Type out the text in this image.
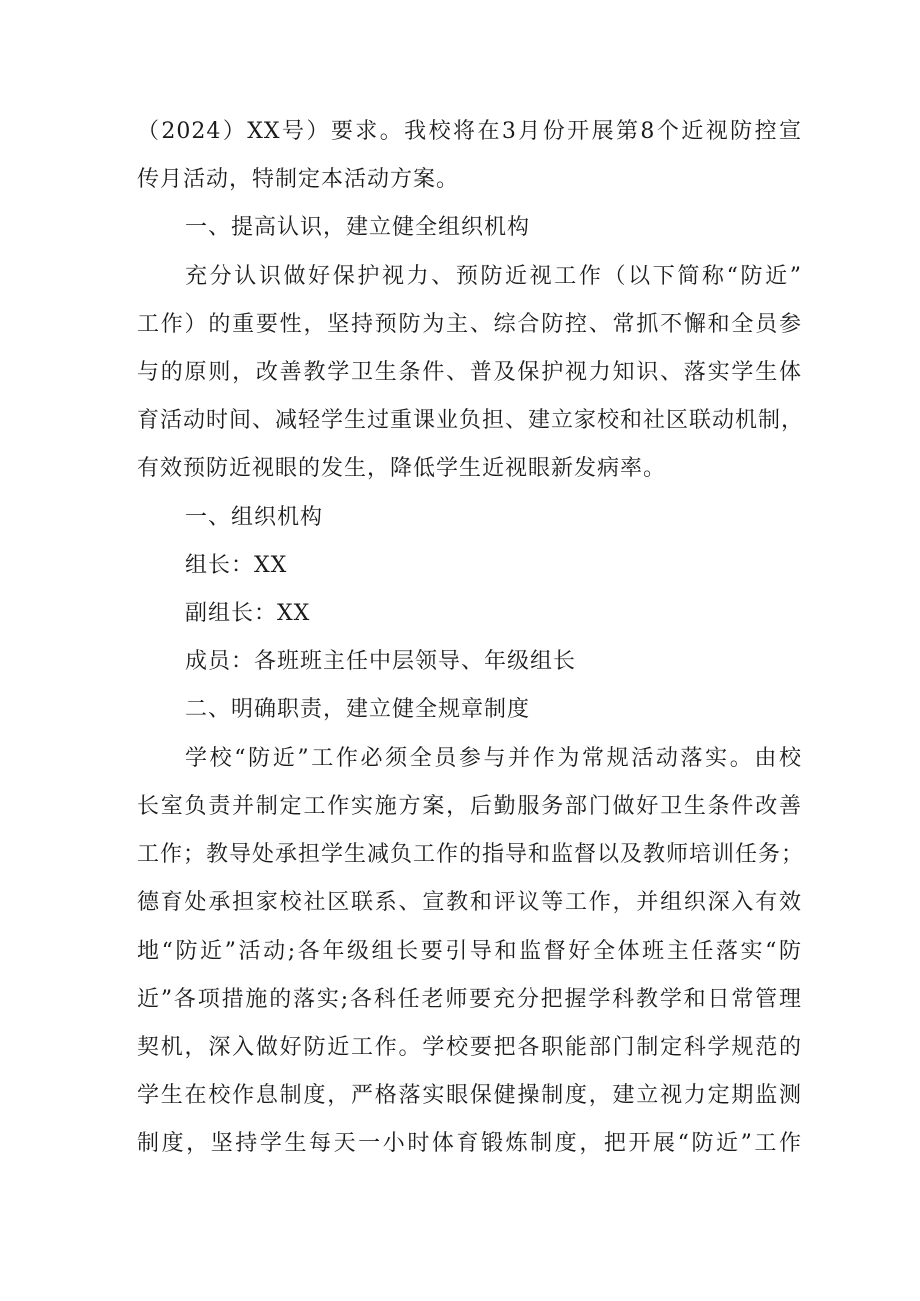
（2024）XX号）要求。我校将在3月份开展第8个近视防控宣
传月活动，特制定本活动方案。
一、提高认识，建立健全组织机构
充分认识做好保护视力、预防近视工作（以下简称“防近”
工作）的重要性，坚持预防为主、综合防控、常抓不懈和全员参
与的原则，改善教学卫生条件、普及保护视力知识、落实学生体
育活动时间、减轻学生过重课业负担、建立家校和社区联动机制，
有效预防近视眼的发生，降低学生近视眼新发病率。
一、组织机构
组长：XX
副组长：XX
成员：各班班主任中层领导、年级组长
二、明确职责，建立健全规章制度
学校“防近”工作必须全员参与并作为常规活动落实。由校
长室负责并制定工作实施方案，后勤服务部门做好卫生条件改善
工作；教导处承担学生减负工作的指导和监督以及教师培训任务；
德育处承担家校社区联系、宣教和评议等工作，并组织深入有效
地“防近”活动;各年级组长要引导和监督好全体班主任落实“防
近”各项措施的落实;各科任老师要充分把握学科教学和日常管理
契机，深入做好防近工作。学校要把各职能部门制定科学规范的
学生在校作息制度，严格落实眼保健操制度，建立视力定期监测
制度，坚持学生每天一小时体育锻炼制度，把开展“防近”工作
